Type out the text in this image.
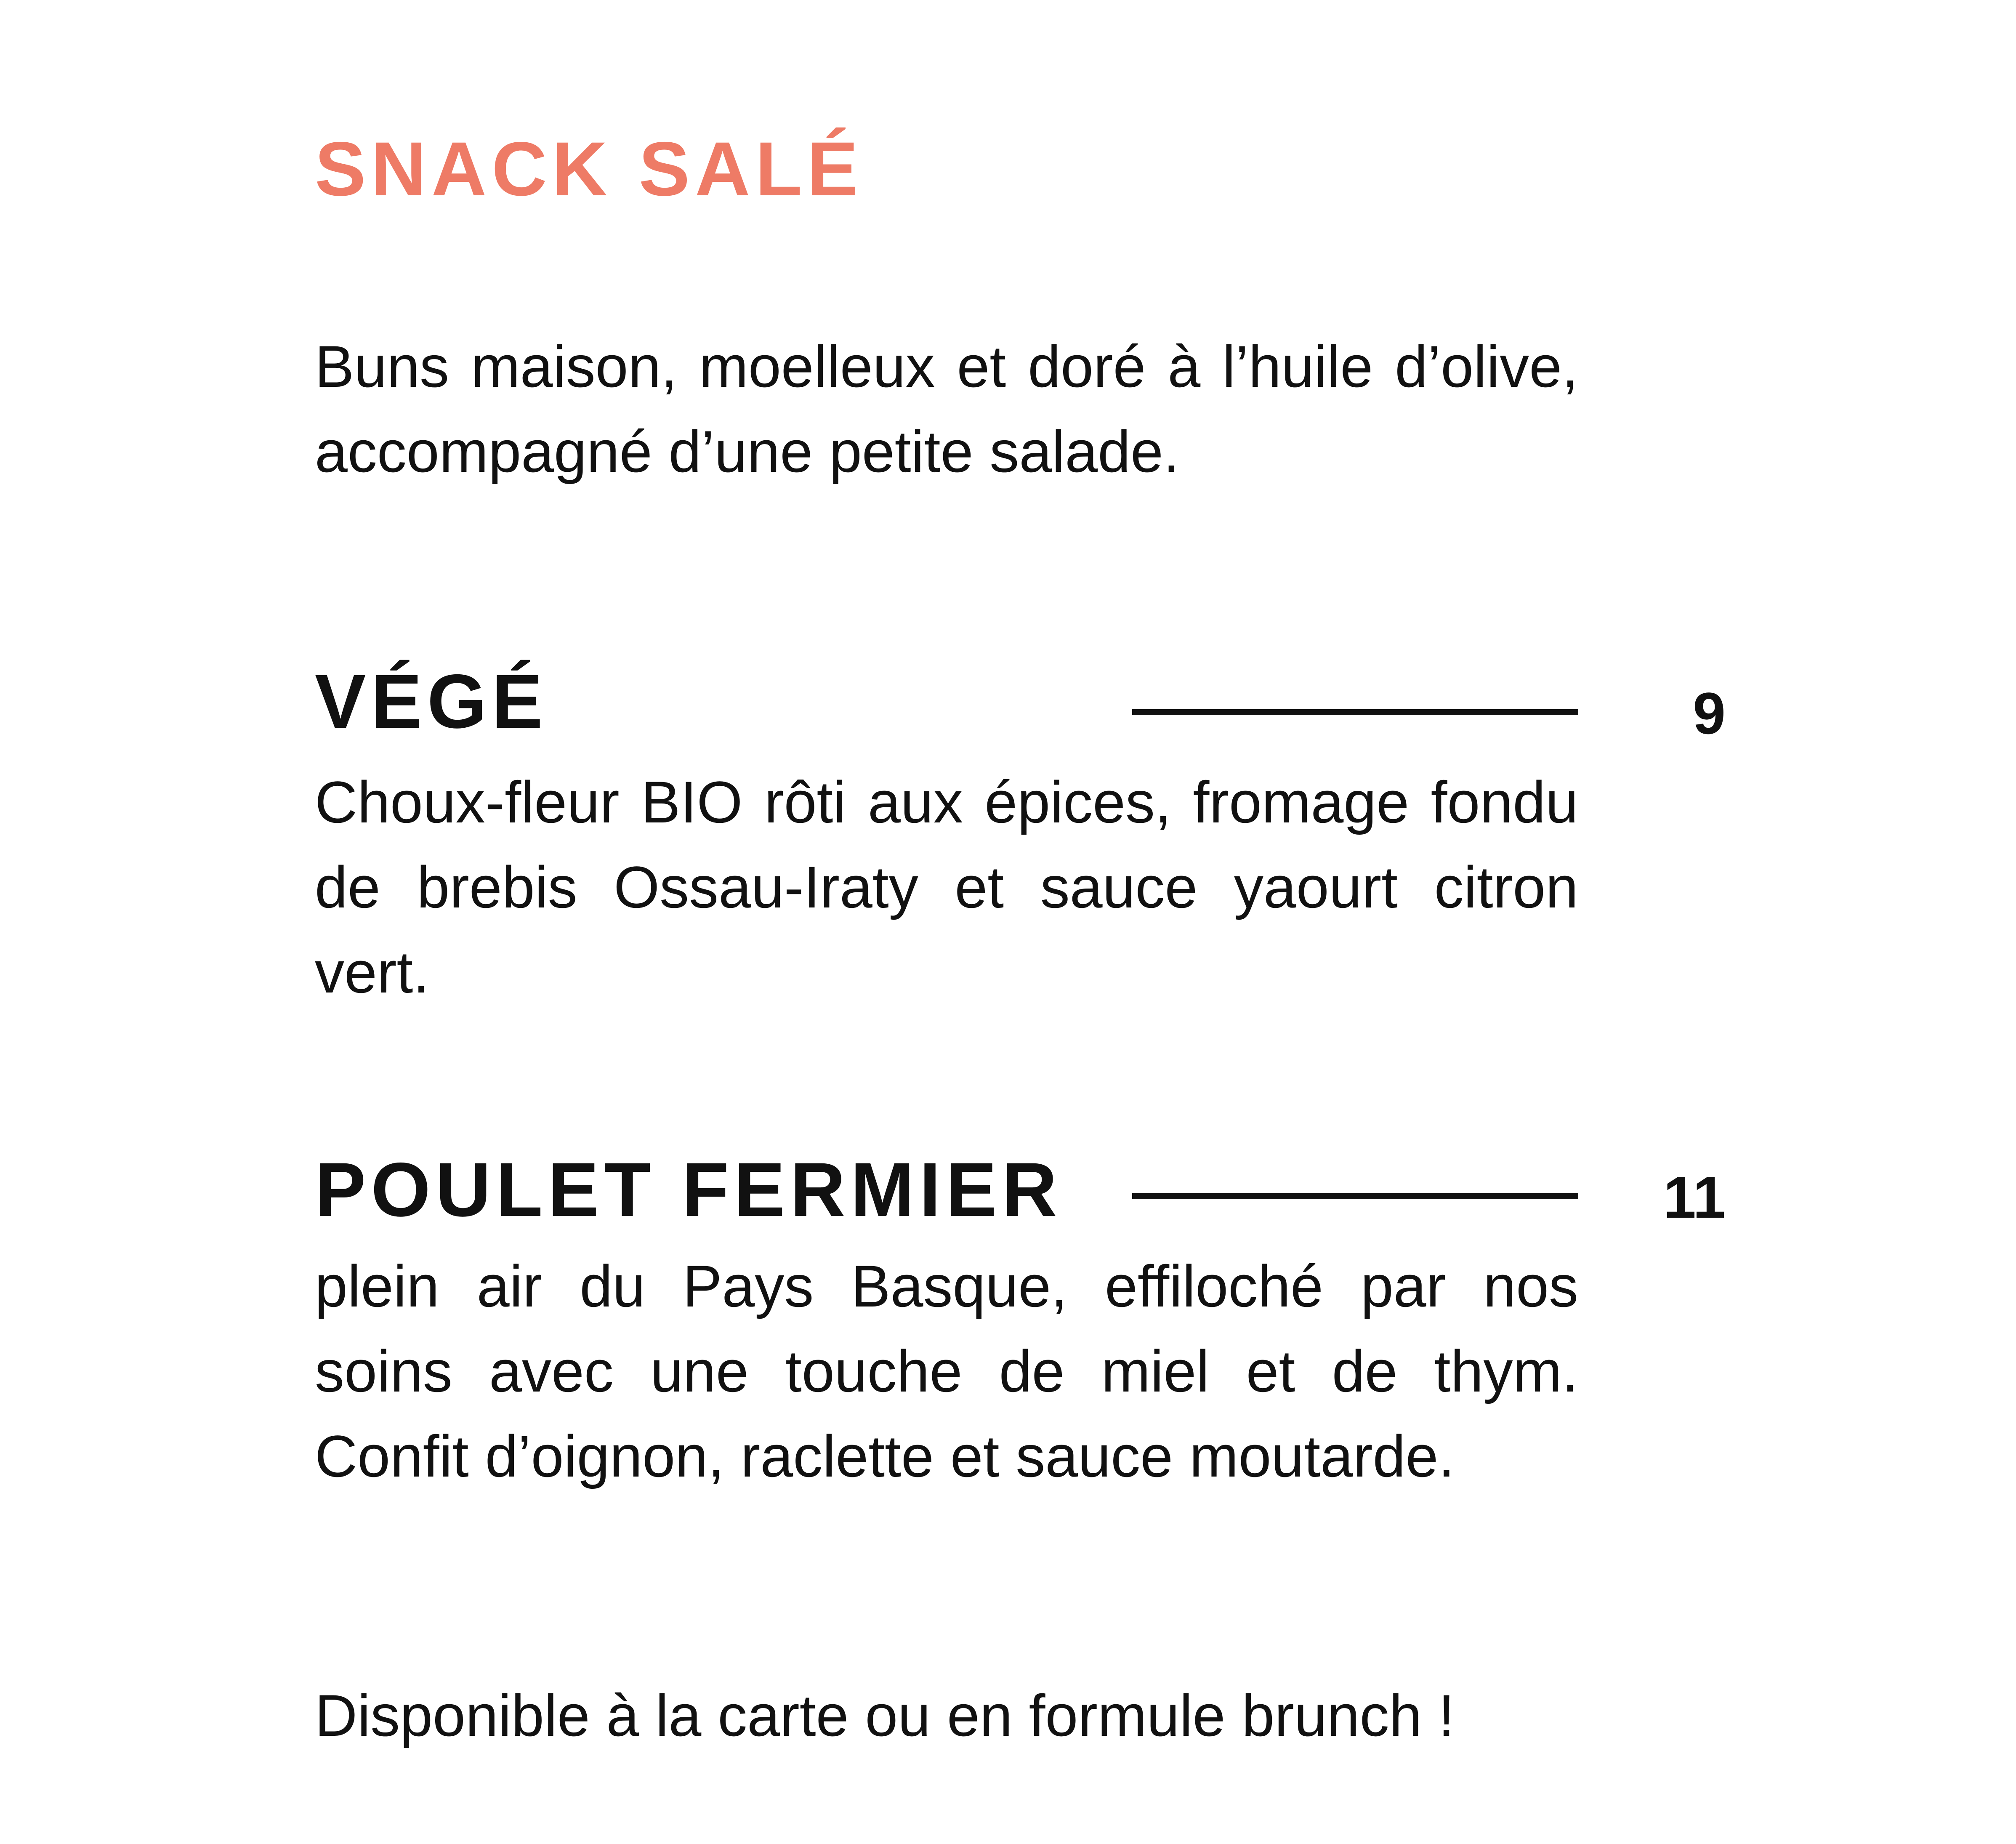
SNACK SALÉ

Buns maison, moelleux et doré à l’huile d’olive, accompagné d’une petite salade.

VÉGÉ	9

Choux-fleur BIO rôti aux épices, fromage fondu de brebis Ossau-Iraty et sauce yaourt citron vert.

POULET FERMIER	11

plein air du Pays Basque, effiloché par nos soins avec une touche de miel et de thym. Confit d’oignon, raclette et sauce moutarde.

Disponible à la carte ou en formule brunch !
